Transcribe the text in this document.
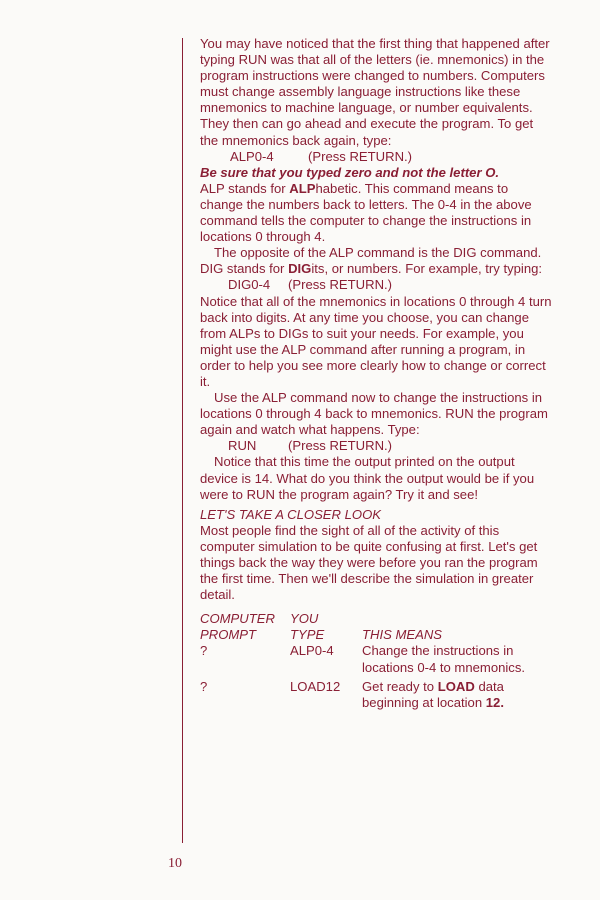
You may have noticed that the first thing that happened after typing RUN was that all of the letters (ie. mnemonics) in the program instructions were changed to numbers. Computers must change assembly language instructions like these mnemonics to machine language, or number equivalents. They then can go ahead and execute the program. To get the mnemonics back again, type:

ALP0-4	(Press RETURN.)

Be sure that you typed zero and not the letter O.

ALP stands for ALPhabetic. This command means to change the numbers back to letters. The 0-4 in the above command tells the computer to change the instructions in locations 0 through 4.

The opposite of the ALP command is the DIG command. DIG stands for DIGits, or numbers. For example, try typing:

DIG0-4 (Press RETURN.)

Notice that all of the mnemonics in locations 0 through 4 turn back into digits. At any time you choose, you can change from ALPs to DIGs to suit your needs. For example, you might use the ALP command after running a program, in order to help you see more clearly how to change or correct it.

Use the ALP command now to change the instructions in locations 0 through 4 back to mnemonics. RUN the program again and watch what happens. Type:

RUN (Press RETURN.)

Notice that this time the output printed on the output device is 14. What do you think the output would be if you were to RUN the program again? Try it and see!

LET'S TAKE A CLOSER LOOK

Most people find the sight of all of the activity of this computer simulation to be quite confusing at first. Let's get things back the way they were before you ran the program the first time. Then we'll describe the simulation in greater detail.

COMPUTER	YOU
PROMPT	TYPE	THIS MEANS
?	ALP0-4	Change the instructions in locations 0-4 to mnemonics.
?	LOAD12	Get ready to LOAD data beginning at location 12.
10
